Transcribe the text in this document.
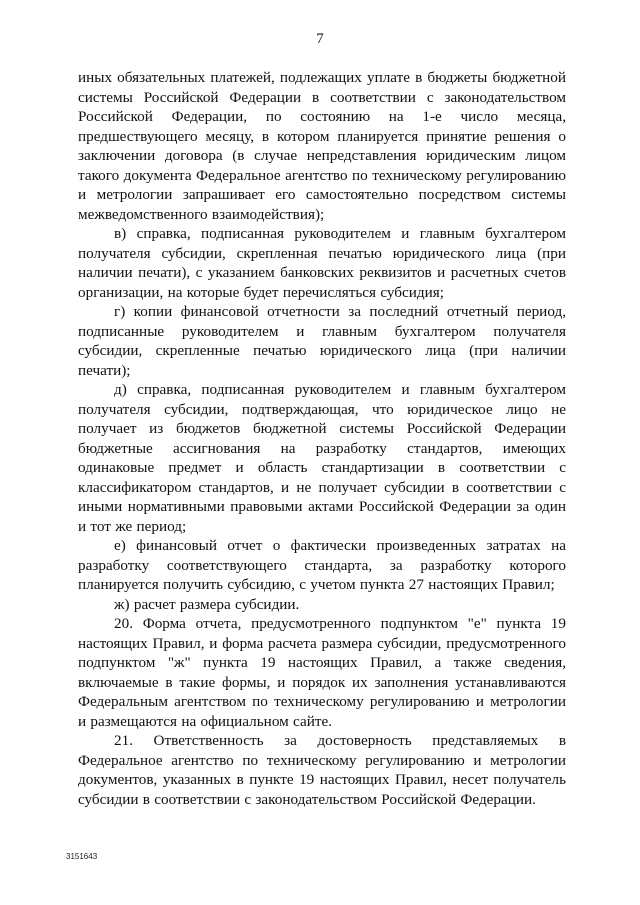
7

иных обязательных платежей, подлежащих уплате в бюджеты бюджетной системы Российской Федерации в соответствии с законодательством Российской Федерации, по состоянию на 1-е число месяца, предшествующего месяцу, в котором планируется принятие решения о заключении договора (в случае непредставления юридическим лицом такого документа Федеральное агентство по техническому регулированию и метрологии запрашивает его самостоятельно посредством системы межведомственного взаимодействия);

в) справка, подписанная руководителем и главным бухгалтером получателя субсидии, скрепленная печатью юридического лица (при наличии печати), с указанием банковских реквизитов и расчетных счетов организации, на которые будет перечисляться субсидия;

г) копии финансовой отчетности за последний отчетный период, подписанные руководителем и главным бухгалтером получателя субсидии, скрепленные печатью юридического лица (при наличии печати);

д) справка, подписанная руководителем и главным бухгалтером получателя субсидии, подтверждающая, что юридическое лицо не получает из бюджетов бюджетной системы Российской Федерации бюджетные ассигнования на разработку стандартов, имеющих одинаковые предмет и область стандартизации в соответствии с классификатором стандартов, и не получает субсидии в соответствии с иными нормативными правовыми актами Российской Федерации за один и тот же период;

е) финансовый отчет о фактически произведенных затратах на разработку соответствующего стандарта, за разработку которого планируется получить субсидию, с учетом пункта 27 настоящих Правил;

ж) расчет размера субсидии.

20. Форма отчета, предусмотренного подпунктом "е" пункта 19 настоящих Правил, и форма расчета размера субсидии, предусмотренного подпунктом "ж" пункта 19 настоящих Правил, а также сведения, включаемые в такие формы, и порядок их заполнения устанавливаются Федеральным агентством по техническому регулированию и метрологии и размещаются на официальном сайте.

21. Ответственность за достоверность представляемых в Федеральное агентство по техническому регулированию и метрологии документов, указанных в пункте 19 настоящих Правил, несет получатель субсидии в соответствии с законодательством Российской Федерации.

3151643
